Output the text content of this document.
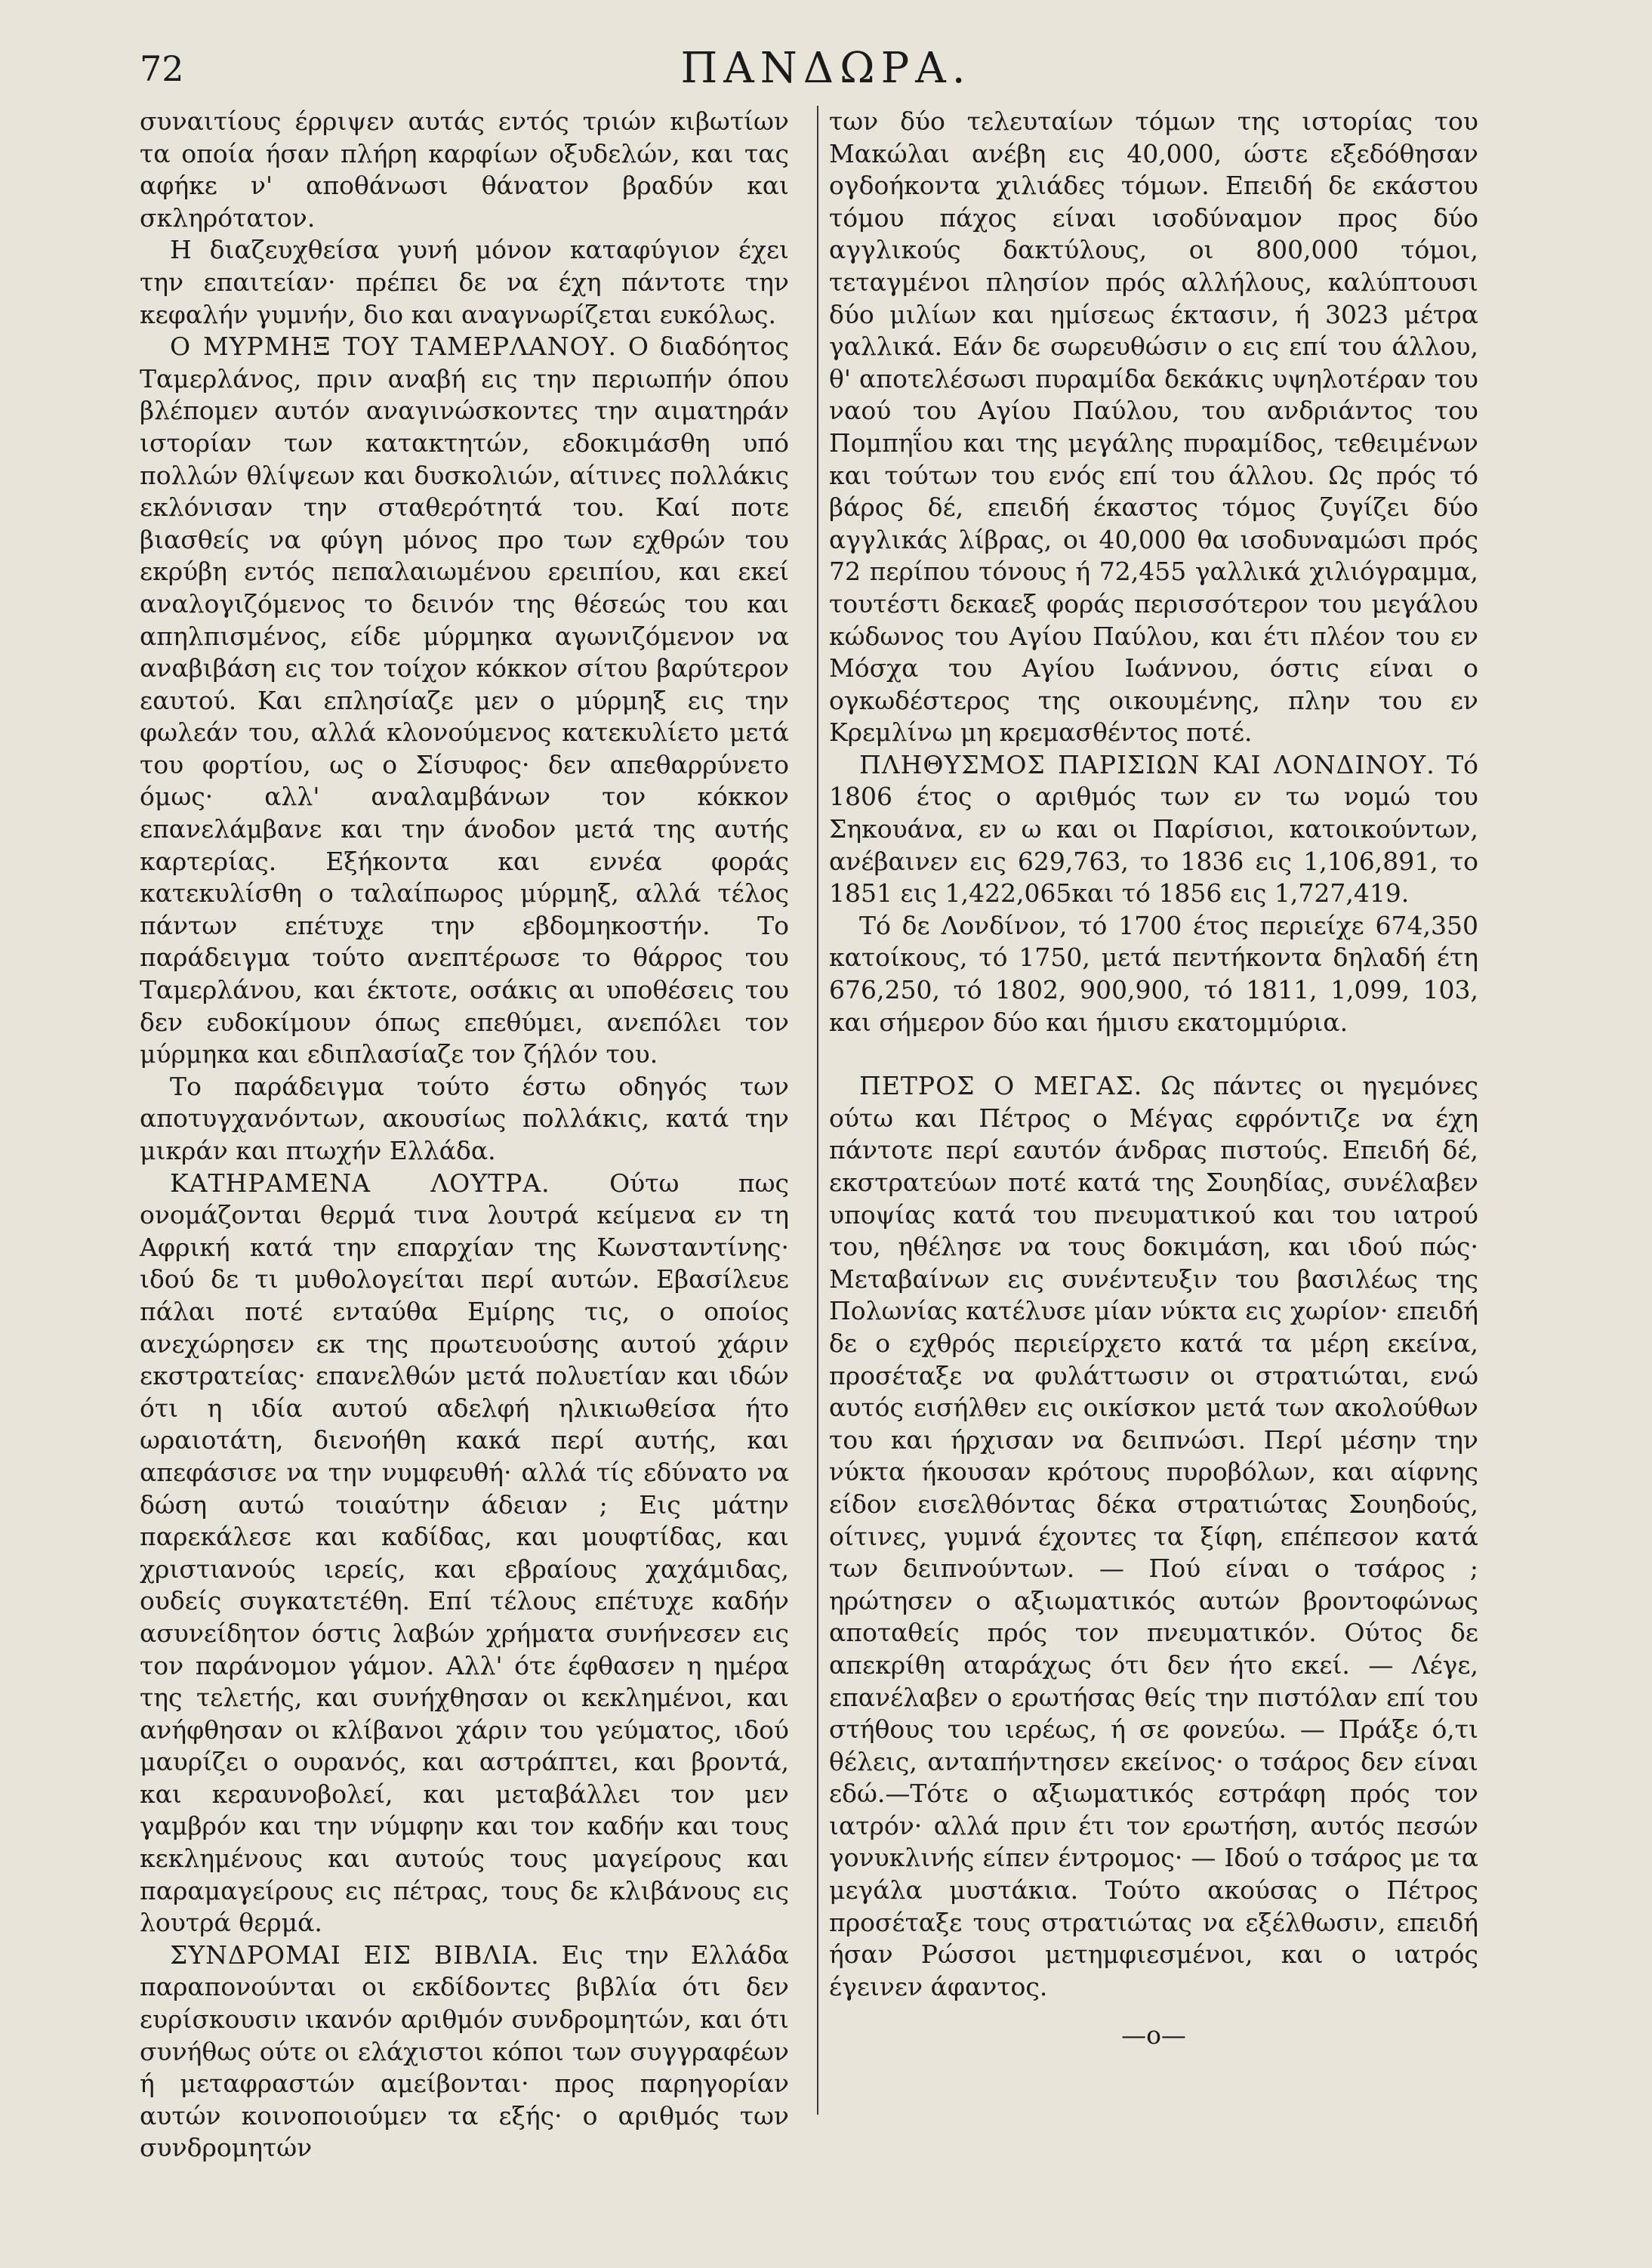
72	ΠΑΝΔΩΡΑ.

συναιτίους έρριψεν αυτάς εντός τριών κιβωτίων τα οποία ήσαν πλήρη καρφίων οξυδελών, και τας αφήκε ν' αποθάνωσι θάνατον βραδύν και σκληρότατον.

Η διαζευχθείσα γυνή μόνον καταφύγιον έχει την επαιτείαν· πρέπει δε να έχη πάντοτε την κεφαλήν γυμνήν, διο και αναγνωρίζεται ευκόλως.

Ο ΜΥΡΜΗΞ ΤΟΥ ΤΑΜΕΡΛΑΝΟΥ. Ο διαδόητος Ταμερλάνος, πριν αναβή εις την περιωπήν όπου βλέπομεν αυτόν αναγινώσκοντες την αιματηράν ιστορίαν των κατακτητών, εδοκιμάσθη υπό πολλών θλίψεων και δυσκολιών, αίτινες πολλάκις εκλόνισαν την σταθερότητά του. Καί ποτε βιασθείς να φύγη μόνος προ των εχθρών του εκρύβη εντός πεπαλαιωμένου ερειπίου, και εκεί αναλογιζόμενος το δεινόν της θέσεώς του και απηλπισμένος, είδε μύρμηκα αγωνιζόμενον να αναβιβάση εις τον τοίχον κόκκον σίτου βαρύτερον εαυτού. Και επλησίαζε μεν ο μύρμηξ εις την φωλεάν του, αλλά κλονούμενος κατεκυλίετο μετά του φορτίου, ως ο Σίσυφος· δεν απεθαρρύνετο όμως· αλλ' αναλαμβάνων τον κόκκον επανελάμβανε και την άνοδον μετά της αυτής καρτερίας. Εξήκοντα και εννέα φοράς κατεκυλίσθη ο ταλαίπωρος μύρμηξ, αλλά τέλος πάντων επέτυχε την εβδομηκοστήν. Το παράδειγμα τούτο ανεπτέρωσε το θάρρος του Ταμερλάνου, και έκτοτε, οσάκις αι υποθέσεις του δεν ευδοκίμουν όπως επεθύμει, ανεπόλει τον μύρμηκα και εδιπλασίαζε τον ζήλόν του.

Το παράδειγμα τούτο έστω οδηγός των αποτυγχανόντων, ακουσίως πολλάκις, κατά την μικράν και πτωχήν Ελλάδα.

ΚΑΤΗΡΑΜΕΝΑ ΛΟΥΤΡΑ. Ούτω πως ονομάζονται θερμά τινα λουτρά κείμενα εν τη Αφρική κατά την επαρχίαν της Κωνσταντίνης· ιδού δε τι μυθολογείται περί αυτών. Εβασίλευε πάλαι ποτέ ενταύθα Εμίρης τις, ο οποίος ανεχώρησεν εκ της πρωτευούσης αυτού χάριν εκστρατείας· επανελθών μετά πολυετίαν και ιδών ότι η ιδία αυτού αδελφή ηλικιωθείσα ήτο ωραιοτάτη, διενοήθη κακά περί αυτής, και απεφάσισε να την νυμφευθή· αλλά τίς εδύνατο να δώση αυτώ τοιαύτην άδειαν ; Εις μάτην παρεκάλεσε και καδίδας, και μουφτίδας, και χριστιανούς ιερείς, και εβραίους χαχάμιδας, ουδείς συγκατετέθη. Επί τέλους επέτυχε καδήν ασυνείδητον όστις λαβών χρήματα συνήνεσεν εις τον παράνομον γάμον. Αλλ' ότε έφθασεν η ημέρα της τελετής, και συνήχθησαν οι κεκλημένοι, και ανήφθησαν οι κλίβανοι χάριν του γεύματος, ιδού μαυρίζει ο ουρανός, και αστράπτει, και βροντά, και κεραυνοβολεί, και μεταβάλλει τον μεν γαμβρόν και την νύμφην και τον καδήν και τους κεκλημένους και αυτούς τους μαγείρους και παραμαγείρους εις πέτρας, τους δε κλιβάνους εις λουτρά θερμά.

ΣΥΝΔΡΟΜΑΙ ΕΙΣ ΒΙΒΛΙΑ. Εις την Ελλάδα παραπονούνται οι εκδίδοντες βιβλία ότι δεν ευρίσκουσιν ικανόν αριθμόν συνδρομητών, και ότι συνήθως ούτε οι ελάχιστοι κόποι των συγγραφέων ή μεταφραστών αμείβονται· προς παρηγορίαν αυτών κοινοποιούμεν τα εξής· ο αριθμός των συνδρομητών

των δύο τελευταίων τόμων της ιστορίας του Μακώλαι ανέβη εις 40,000, ώστε εξεδόθησαν ογδοήκοντα χιλιάδες τόμων. Επειδή δε εκάστου τόμου πάχος είναι ισοδύναμον προς δύο αγγλικούς δακτύλους, οι 800,000 τόμοι, τεταγμένοι πλησίον πρός αλλήλους, καλύπτουσι δύο μιλίων και ημίσεως έκτασιν, ή 3023 μέτρα γαλλικά. Εάν δε σωρευθώσιν ο εις επί του άλλου, θ' αποτελέσωσι πυραμίδα δεκάκις υψηλοτέραν του ναού του Αγίου Παύλου, του ανδριάντος του Πομπηΐου και της μεγάλης πυραμίδος, τεθειμένων και τούτων του ενός επί του άλλου. Ως πρός τό βάρος δέ, επειδή έκαστος τόμος ζυγίζει δύο αγγλικάς λίβρας, οι 40,000 θα ισοδυναμώσι πρός 72 περίπου τόνους ή 72,455 γαλλικά χιλιόγραμμα, τουτέστι δεκαεξ φοράς περισσότερον του μεγάλου κώδωνος του Αγίου Παύλου, και έτι πλέον του εν Μόσχα του Αγίου Ιωάννου, όστις είναι ο ογκωδέστερος της οικουμένης, πλην του εν Κρεμλίνω μη κρεμασθέντος ποτέ.

ΠΛΗΘΥΣΜΟΣ ΠΑΡΙΣΙΩΝ ΚΑΙ ΛΟΝΔΙΝΟΥ. Τό 1806 έτος ο αριθμός των εν τω νομώ του Σηκουάνα, εν ω και οι Παρίσιοι, κατοικούντων, ανέβαινεν εις 629,763, το 1836 εις 1,106,891, το 1851 εις 1,422,065και τό 1856 εις 1,727,419.

Τό δε Λονδίνον, τό 1700 έτος περιείχε 674,350 κατοίκους, τό 1750, μετά πεντήκοντα δηλαδή έτη 676,250, τό 1802, 900,900, τό 1811, 1,099, 103, και σήμερον δύο και ήμισυ εκατομμύρια.

ΠΕΤΡΟΣ Ο ΜΕΓΑΣ. Ως πάντες οι ηγεμόνες ούτω και Πέτρος ο Μέγας εφρόντιζε να έχη πάντοτε περί εαυτόν άνδρας πιστούς. Επειδή δέ, εκστρατεύων ποτέ κατά της Σουηδίας, συνέλαβεν υποψίας κατά του πνευματικού και του ιατρού του, ηθέλησε να τους δοκιμάση, και ιδού πώς· Μεταβαίνων εις συνέντευξιν του βασιλέως της Πολωνίας κατέλυσε μίαν νύκτα εις χωρίον· επειδή δε ο εχθρός περιείρχετο κατά τα μέρη εκείνα, προσέταξε να φυλάττωσιν οι στρατιώται, ενώ αυτός εισήλθεν εις οικίσκον μετά των ακολούθων του και ήρχισαν να δειπνώσι. Περί μέσην την νύκτα ήκουσαν κρότους πυροβόλων, και αίφνης είδον εισελθόντας δέκα στρατιώτας Σουηδούς, οίτινες, γυμνά έχοντες τα ξίφη, επέπεσον κατά των δειπνούντων. — Πού είναι ο τσάρος ; ηρώτησεν ο αξιωματικός αυτών βροντοφώνως αποταθείς πρός τον πνευματικόν. Ούτος δε απεκρίθη αταράχως ότι δεν ήτο εκεί. — Λέγε, επανέλαβεν ο ερωτήσας θείς την πιστόλαν επί του στήθους του ιερέως, ή σε φονεύω. — Πράξε ό,τι θέλεις, ανταπήντησεν εκείνος· ο τσάρος δεν είναι εδώ.—Τότε ο αξιωματικός εστράφη πρός τον ιατρόν· αλλά πριν έτι τον ερωτήση, αυτός πεσών γονυκλινής είπεν έντρομος· — Ιδού ο τσάρος με τα μεγάλα μυστάκια. Τούτο ακούσας ο Πέτρος προσέταξε τους στρατιώτας να εξέλθωσιν, επειδή ήσαν Ρώσσοι μετημφιεσμένοι, και ο ιατρός έγεινεν άφαντος.

—o—
